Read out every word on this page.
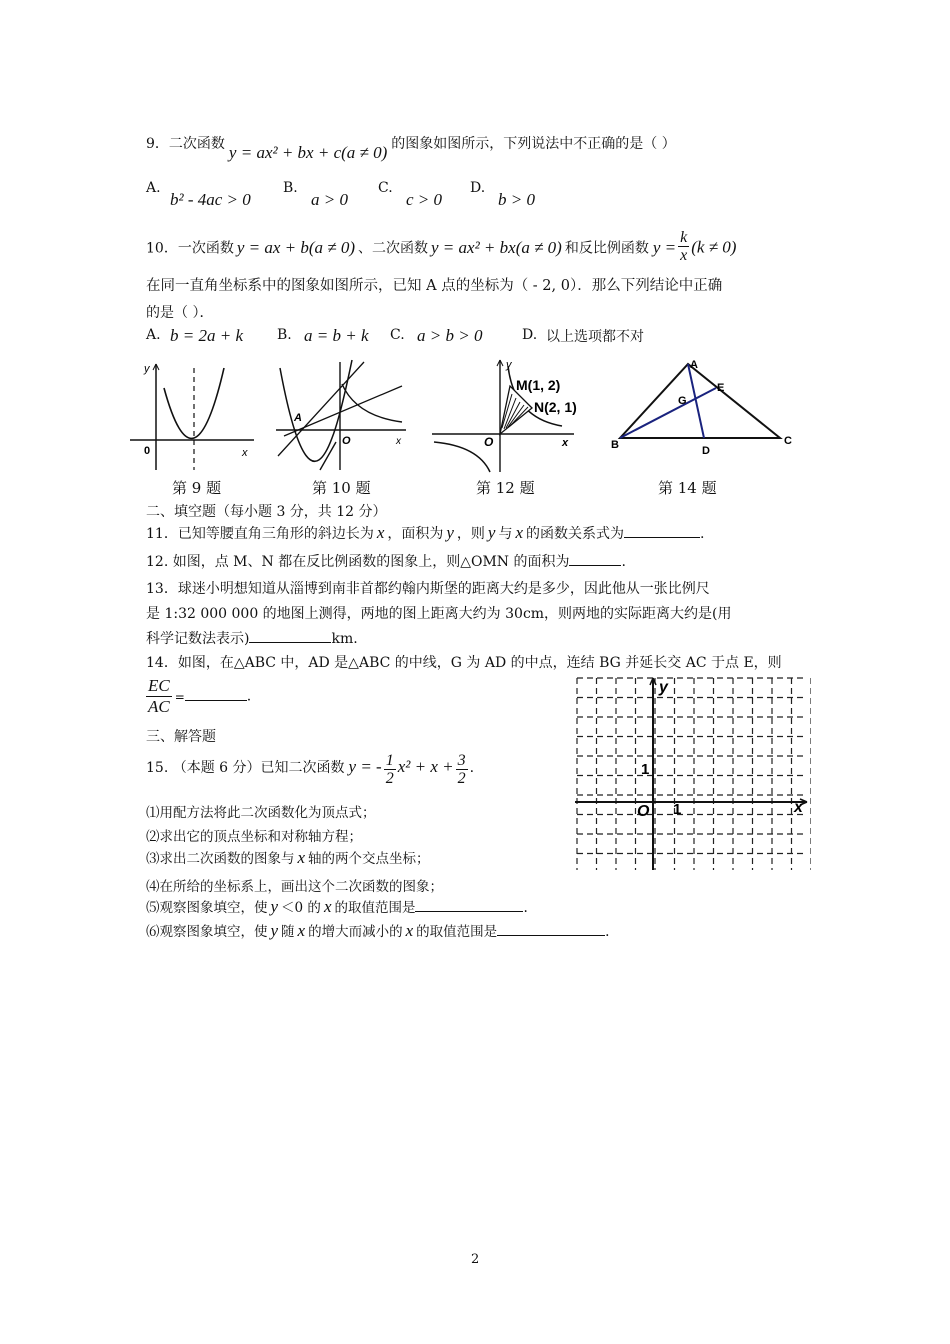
9．二次函数 y = ax² + bx + c(a ≠ 0) 的图象如图所示，下列说法中不正确的是（ ）
A.
b² - 4ac > 0
B.
a > 0
C.
c > 0
D.
b > 0
10．一次函数 y = ax + b(a ≠ 0) 、二次函数 y = ax² + bx(a ≠ 0) 和反比例函数 $y = \frac{k}{x} (k \ne 0)$
在同一直角坐标系中的图象如图所示，已知 A 点的坐标为（ - 2, 0）．那么下列结论中正确
的是（ ）．
A. b = 2a + k B. a = b + k C. a > b > 0	D. 以上选项都不对
y
0	x
A
O	x
y
O	x
M(1, 2)
N(2, 1)
A
B	C
D
E
G
第 9 题	第 10 题	第 12 题	第 14 题
二、填空题（每小题 3 分，共 12 分）
11．已知等腰直角三角形的斜边长为 x ，面积为 y ，则 y 与 x 的函数关系式为	.
12. 如图，点 M、N 都在反比例函数的图象上，则△OMN 的面积为	.
13．球迷小明想知道从淄博到南非首都约翰内斯堡的距离大约是多少，因此他从一张比例尺
是 1:32 000 000 的地图上测得，两地的图上距离大约为 30cm，则两地的实际距离大约是(用
科学记数法表示)	km.
14．如图，在△ABC 中，AD 是△ABC 的中线，G 为 AD 的中点，连结 BG 并延长交 AC 于点 E，则
$\frac{EC}{AC}$ =	.
y
x
O 1
1
三、解答题
15. （本题 6 分）已知二次函数 y = - $\frac{1}{2} x^2 + x + \frac{3}{2}$ .
⑴用配方法将此二次函数化为顶点式；
⑵求出它的顶点坐标和对称轴方程；
⑶求出二次函数的图象与 x 轴的两个交点坐标；
⑷在所给的坐标系上，画出这个二次函数的图象；
⑸观察图象填空，使 y ＜0 的 x 的取值范围是	.
⑹观察图象填空，使 y 随 x 的增大而减小的 x 的取值范围是	.
2
